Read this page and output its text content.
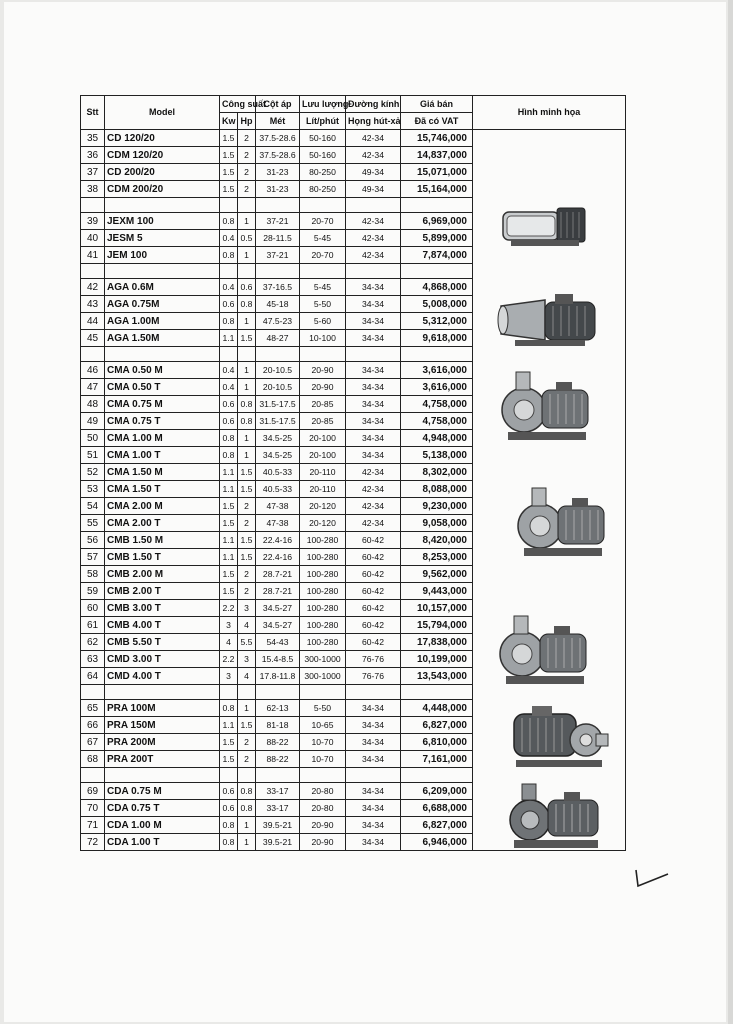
Stt	Model	Công suất		Cột áp	Lưu lượng	Đường kính	Giá bán	Hình minh họa
		Kw	Hp	Mét	Lít/phút	Họng hút-xả	Đã có VAT	
35	CD 120/20	1.5	2	37.5-28.6	50-160	42-34	15,746,000	
36	CDM 120/20	1.5	2	37.5-28.6	50-160	42-34	14,837,000	
37	CD 200/20	1.5	2	31-23	80-250	49-34	15,071,000	
38	CDM 200/20	1.5	2	31-23	80-250	49-34	15,164,000	

39	JEXM 100	0.8	1	37-21	20-70	42-34	6,969,000	
40	JESM 5	0.4	0.5	28-11.5	5-45	42-34	5,899,000	
41	JEM 100	0.8	1	37-21	20-70	42-34	7,874,000	

42	AGA 0.6M	0.4	0.6	37-16.5	5-45	34-34	4,868,000	
43	AGA 0.75M	0.6	0.8	45-18	5-50	34-34	5,008,000	
44	AGA 1.00M	0.8	1	47.5-23	5-60	34-34	5,312,000	
45	AGA 1.50M	1.1	1.5	48-27	10-100	34-34	9,618,000	

46	CMA 0.50 M	0.4	1	20-10.5	20-90	34-34	3,616,000	
47	CMA 0.50 T	0.4	1	20-10.5	20-90	34-34	3,616,000	
48	CMA 0.75 M	0.6	0.8	31.5-17.5	20-85	34-34	4,758,000	
49	CMA 0.75 T	0.6	0.8	31.5-17.5	20-85	34-34	4,758,000	
50	CMA 1.00 M	0.8	1	34.5-25	20-100	34-34	4,948,000	
51	CMA 1.00 T	0.8	1	34.5-25	20-100	34-34	5,138,000	
52	CMA 1.50 M	1.1	1.5	40.5-33	20-110	42-34	8,302,000	
53	CMA 1.50 T	1.1	1.5	40.5-33	20-110	42-34	8,088,000	
54	CMA 2.00 M	1.5	2	47-38	20-120	42-34	9,230,000	
55	CMA 2.00 T	1.5	2	47-38	20-120	42-34	9,058,000	
56	CMB 1.50 M	1.1	1.5	22.4-16	100-280	60-42	8,420,000	
57	CMB 1.50 T	1.1	1.5	22.4-16	100-280	60-42	8,253,000	
58	CMB 2.00 M	1.5	2	28.7-21	100-280	60-42	9,562,000	
59	CMB 2.00 T	1.5	2	28.7-21	100-280	60-42	9,443,000	
60	CMB 3.00 T	2.2	3	34.5-27	100-280	60-42	10,157,000	
61	CMB 4.00 T	3	4	34.5-27	100-280	60-42	15,794,000	
62	CMB 5.50 T	4	5.5	54-43	100-280	60-42	17,838,000	
63	CMD 3.00 T	2.2	3	15.4-8.5	300-1000	76-76	10,199,000	
64	CMD 4.00 T	3	4	17.8-11.8	300-1000	76-76	13,543,000	

65	PRA 100M	0.8	1	62-13	5-50	34-34	4,448,000	
66	PRA 150M	1.1	1.5	81-18	10-65	34-34	6,827,000	
67	PRA 200M	1.5	2	88-22	10-70	34-34	6,810,000	
68	PRA 200T	1.5	2	88-22	10-70	34-34	7,161,000	

69	CDA 0.75 M	0.6	0.8	33-17	20-80	34-34	6,209,000	
70	CDA 0.75 T	0.6	0.8	33-17	20-80	34-34	6,688,000	
71	CDA 1.00 M	0.8	1	39.5-21	20-90	34-34	6,827,000	
72	CDA 1.00 T	0.8	1	39.5-21	20-90	34-34	6,946,000	
